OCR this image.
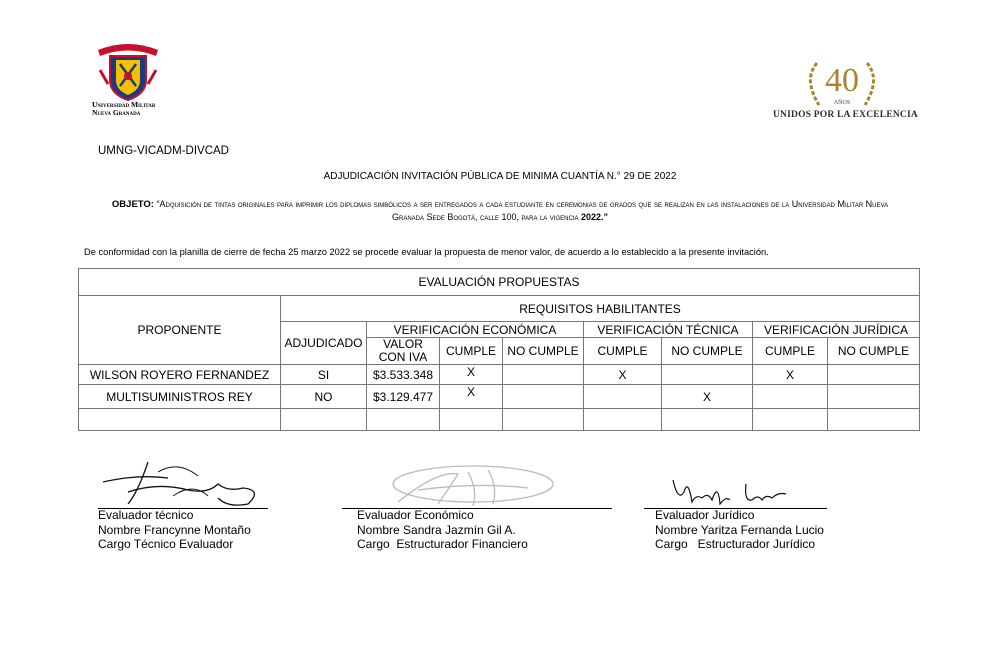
Universidad Militar
Nueva Granada
40
AÑOS
UNIDOS POR LA EXCELENCIA
UMNG-VICADM-DIVCAD
ADJUDICACIÓN INVITACIÓN PÚBLICA DE MINIMA CUANTÍA N.° 29 DE 2022
OBJETO: “Adquisición de tintas originales para imprimir los diplomas simbólicos a ser entregados a cada estudiante en ceremonias de grados que se realizan en las instalaciones de la Universidad Militar Nueva Granada Sede Bogotá, calle 100, para la vigencia 2022.”
De conformidad con la planilla de cierre de fecha 25 marzo 2022 se procede evaluar la propuesta de menor valor, de acuerdo a lo establecido a la presente invitación.
EVALUACIÓN PROPUESTAS								
PROPONENTE	REQUISITOS HABILITANTES							
	ADJUDICADO	VERIFICACIÓN ECONÓMICA			VERIFICACIÓN TÉCNICA		VERIFICACIÓN JURÍDICA	

		VALOR
CON IVA	CUMPLE	NO CUMPLE	CUMPLE	NO CUMPLE	CUMPLE	NO CUMPLE
WILSON ROYERO FERNANDEZ	SI	$3.533.348	X		X		X	
MULTISUMINISTROS REY	NO	$3.129.477	X			X		

Evaluador técnico
Nombre Francynne Montaño
Cargo Técnico Evaluador
Evaluador Económico
Nombre Sandra Jazmín Gil A.
Cargo  Estructurador Financiero
Evaluador Jurídico
Nombre Yaritza Fernanda Lucio
Cargo   Estructurador Jurídico
